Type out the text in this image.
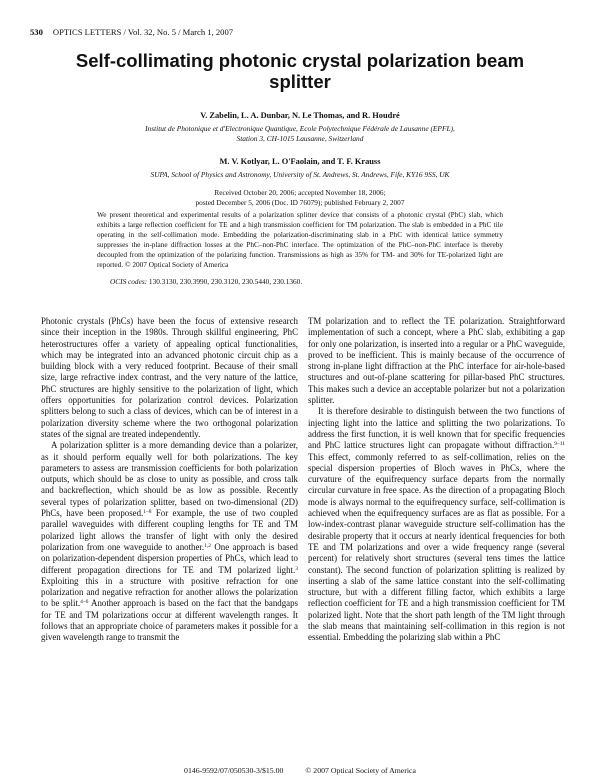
530 OPTICS LETTERS / Vol. 32, No. 5 / March 1, 2007
Self-collimating photonic crystal polarization beam
splitter
V. Zabelin, L. A. Dunbar, N. Le Thomas, and R. Houdré
Institut de Photonique et d'Electronique Quantique, Ecole Polytechnique Fédérale de Lausanne (EPFL),
Station 3, CH-1015 Lausanne, Switzerland
M. V. Kotlyar, L. O'Faolain, and T. F. Krauss
SUPA, School of Physics and Astronomy, University of St. Andrews, St. Andrews, Fife, KY16 9SS, UK
Received October 20, 2006; accepted November 18, 2006;
posted December 5, 2006 (Doc. ID 76079); published February 2, 2007
We present theoretical and experimental results of a polarization splitter device that consists of a photonic crystal (PhC) slab, which exhibits a large reflection coefficient for TE and a high transmission coefficient for TM polarization. The slab is embedded in a PhC tile operating in the self-collimation mode. Embedding the polarization-discriminating slab in a PhC with identical lattice symmetry suppresses the in-plane diffraction losses at the PhC–non-PhC interface. The optimization of the PhC–non-PhC interface is thereby decoupled from the optimization of the polarizing function. Transmissions as high as 35% for TM- and 30% for TE-polarized light are reported. © 2007 Optical Society of America
OCIS codes: 130.3130, 230.3990, 230.3120, 230.5440, 230.1360.

Photonic crystals (PhCs) have been the focus of extensive research since their inception in the 1980s. Through skillful engineering, PhC heterostructures offer a variety of appealing optical functionalities, which may be integrated into an advanced photonic circuit chip as a building block with a very reduced footprint. Because of their small size, large refractive index contrast, and the very nature of the lattice, PhC structures are highly sensitive to the polarization of light, which offers opportunities for polarization control devices. Polarization splitters belong to such a class of devices, which can be of interest in a polarization diversity scheme where the two orthogonal polarization states of the signal are treated independently.

A polarization splitter is a more demanding device than a polarizer, as it should perform equally well for both polarizations. The key parameters to assess are transmission coefficients for both polarization outputs, which should be as close to unity as possible, and cross talk and backreflection, which should be as low as possible. Recently several types of polarization splitter, based on two-dimensional (2D) PhCs, have been proposed.$^{1-8}$ For example, the use of two coupled parallel waveguides with different coupling lengths for TE and TM polarized light allows the transfer of light with only the desired polarization from one waveguide to another.$^{1,2}$ One approach is based on polarization-dependent dispersion properties of PhCs, which lead to different propagation directions for TE and TM polarized light.$^3$ Exploiting this in a structure with positive refraction for one polarization and negative refraction for another allows the polarization to be split.$^{4-6}$ Another approach is based on the fact that the bandgaps for TE and TM polarizations occur at different wavelength ranges. It follows that an appropriate choice of parameters makes it possible for a given wavelength range to transmit the

TM polarization and to reflect the TE polarization. Straightforward implementation of such a concept, where a PhC slab, exhibiting a gap for only one polarization, is inserted into a regular or a PhC waveguide, proved to be inefficient. This is mainly because of the occurrence of strong in-plane light diffraction at the PhC interface for air-hole-based structures and out-of-plane scattering for pillar-based PhC structures. This makes such a device an acceptable polarizer but not a polarization splitter.

It is therefore desirable to distinguish between the two functions of injecting light into the lattice and splitting the two polarizations. To address the first function, it is well known that for specific frequencies and PhC lattice structures light can propagate without diffraction.$^{9-11}$ This effect, commonly referred to as self-collimation, relies on the special dispersion properties of Bloch waves in PhCs, where the curvature of the equifrequency surface departs from the normally circular curvature in free space. As the direction of a propagating Bloch mode is always normal to the equifrequency surface, self-collimation is achieved when the equifrequency surfaces are as flat as possible. For a low-index-contrast planar waveguide structure self-collimation has the desirable property that it occurs at nearly identical frequencies for both TE and TM polarizations and over a wide frequency range (several percent) for relatively short structures (several tens times the lattice constant). The second function of polarization splitting is realized by inserting a slab of the same lattice constant into the self-collimating structure, but with a different filling factor, which exhibits a large reflection coefficient for TE and a high transmission coefficient for TM polarized light. Note that the short path length of the TM light through the slab means that maintaining self-collimation in this region is not essential. Embedding the polarizing slab within a PhC

0146-9592/07/050530-3/$15.00	© 2007 Optical Society of America
